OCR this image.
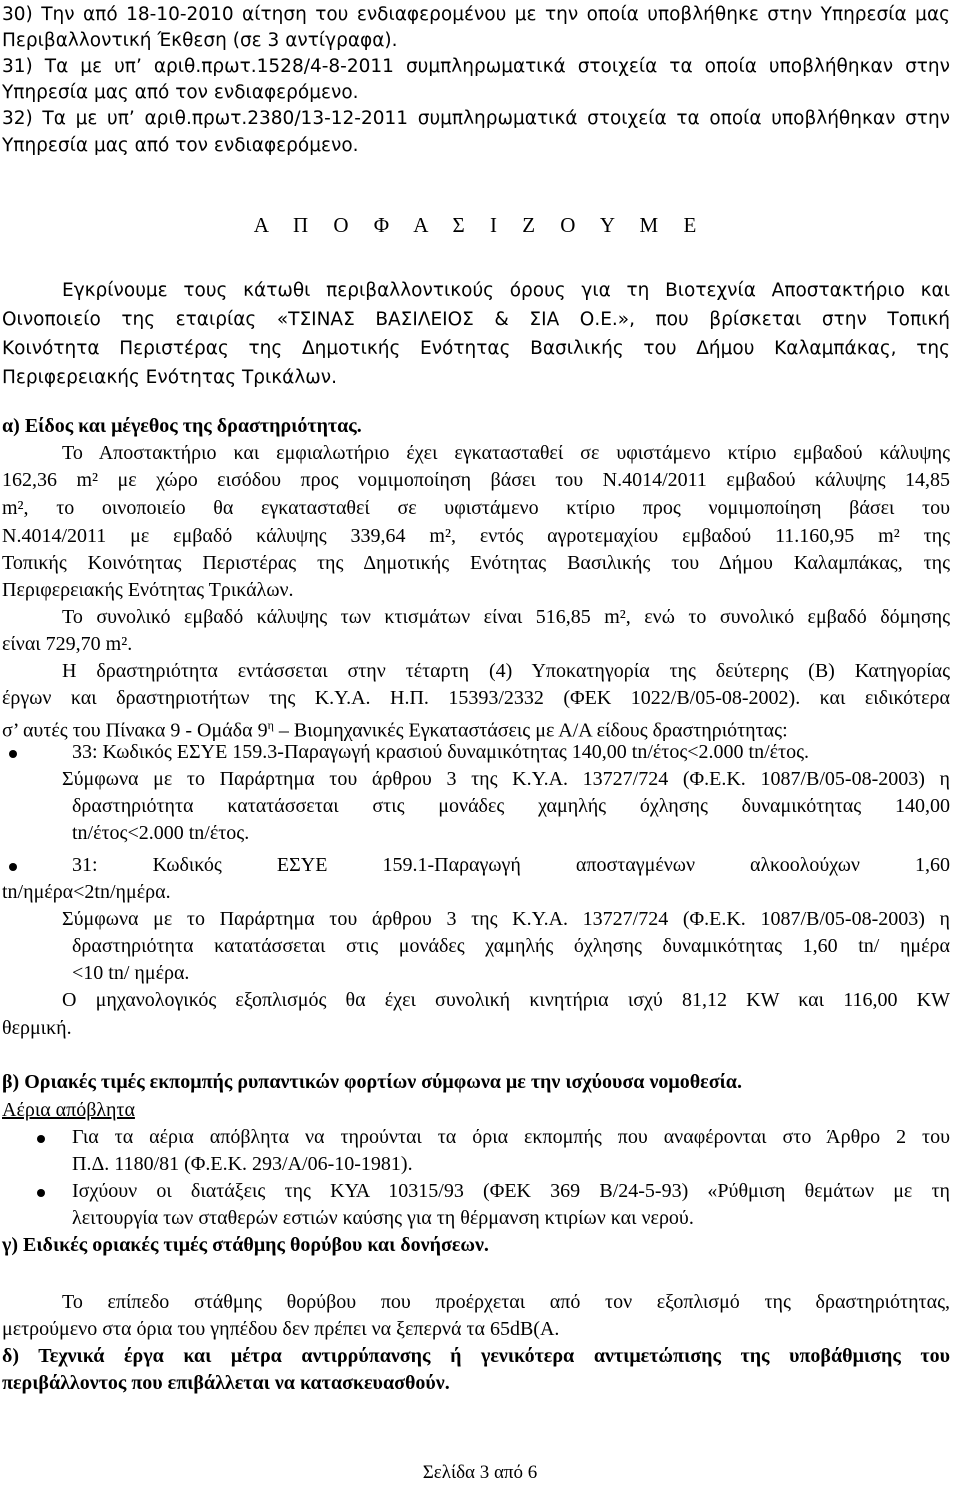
30) Την από 18-10-2010 αίτηση του ενδιαφερομένου με την οποία υποβλήθηκε στην Υπηρεσία μας
Περιβαλλοντική Έκθεση (σε 3 αντίγραφα).
31) Τα με υπ’ αριθ.πρωτ.1528/4-8-2011 συμπληρωματικά στοιχεία τα οποία υποβλήθηκαν στην
Υπηρεσία μας από τον ενδιαφερόμενο.
32) Τα με υπ’ αριθ.πρωτ.2380/13-12-2011 συμπληρωματικά στοιχεία τα οποία υποβλήθηκαν στην
Υπηρεσία μας από τον ενδιαφερόμενο.
Α Π Ο Φ Α Σ Ι Ζ Ο Υ Μ Ε
Εγκρίνουμε τους κάτωθι περιβαλλοντικούς όρους για τη Βιοτεχνία Αποστακτήριο και
Οινοποιείο της εταιρίας «ΤΣΙΝΑΣ ΒΑΣΙΛΕΙΟΣ & ΣΙΑ Ο.Ε.», που βρίσκεται στην Τοπική
Κοινότητα Περιστέρας της Δημοτικής Ενότητας Βασιλικής του Δήμου Καλαμπάκας, της
Περιφερειακής Ενότητας Τρικάλων.
α) Είδος και μέγεθος της δραστηριότητας.
Το Αποστακτήριο και εμφιαλωτήριο έχει εγκατασταθεί σε υφιστάμενο κτίριο εμβαδού κάλυψης
162,36 m² με χώρο εισόδου προς νομιμοποίηση βάσει του Ν.4014/2011 εμβαδού κάλυψης 14,85
m², το οινοποιείο θα εγκατασταθεί σε υφιστάμενο κτίριο προς νομιμοποίηση βάσει του
Ν.4014/2011 με εμβαδό κάλυψης 339,64 m², εντός αγροτεμαχίου εμβαδού 11.160,95 m² της
Τοπικής Κοινότητας Περιστέρας της Δημοτικής Ενότητας Βασιλικής του Δήμου Καλαμπάκας, της
Περιφερειακής Ενότητας Τρικάλων.
Το συνολικό εμβαδό κάλυψης των κτισμάτων είναι 516,85 m², ενώ το συνολικό εμβαδό δόμησης
είναι 729,70 m².
Η δραστηριότητα εντάσσεται στην τέταρτη (4) Υποκατηγορία της δεύτερης (Β) Κατηγορίας
έργων και δραστηριοτήτων της Κ.Υ.Α. Η.Π. 15393/2332 (ΦΕΚ 1022/Β/05-08-2002). και ειδικότερα
σ’ αυτές του Πίνακα 9 - Ομάδα $9^\eta$ – Βιομηχανικές Εγκαταστάσεις με Α/Α είδους δραστηριότητας:
33: Κωδικός ΕΣΥΕ 159.3-Παραγωγή κρασιού δυναμικότητας 140,00 tn/έτος<2.000 tn/έτος.
Σύμφωνα με το Παράρτημα του άρθρου 3 της Κ.Υ.Α. 13727/724 (Φ.Ε.Κ. 1087/Β/05-08-2003) η
δραστηριότητα κατατάσσεται στις μονάδες χαμηλής όχλησης δυναμικότητας 140,00
tn/έτος<2.000 tn/έτος.
31: Κωδικός ΕΣΥΕ 159.1-Παραγωγή αποσταγμένων αλκοολούχων 1,60
tn/ημέρα<2tn/ημέρα.
Σύμφωνα με το Παράρτημα του άρθρου 3 της Κ.Υ.Α. 13727/724 (Φ.Ε.Κ. 1087/Β/05-08-2003) η
δραστηριότητα κατατάσσεται στις μονάδες χαμηλής όχλησης δυναμικότητας 1,60 tn/ ημέρα
<10 tn/ ημέρα.
Ο μηχανολογικός εξοπλισμός θα έχει συνολική κινητήρια ισχύ 81,12 KW και 116,00 KW
θερμική.
β) Οριακές τιμές εκπομπής ρυπαντικών φορτίων σύμφωνα με την ισχύουσα νομοθεσία.
Αέρια απόβλητα
Για τα αέρια απόβλητα να τηρούνται τα όρια εκπομπής που αναφέρονται στο Άρθρο 2 του
Π.Δ. 1180/81 (Φ.Ε.Κ. 293/Α/06-10-1981).
Ισχύουν οι διατάξεις της ΚΥΑ 10315/93 (ΦΕΚ 369 Β/24-5-93) «Ρύθμιση θεμάτων με τη
λειτουργία των σταθερών εστιών καύσης για τη θέρμανση κτιρίων και νερού.
γ) Ειδικές οριακές τιμές στάθμης θορύβου και δονήσεων.
Το επίπεδο στάθμης θορύβου που προέρχεται από τον εξοπλισμό της δραστηριότητας,
μετρούμενο στα όρια του γηπέδου δεν πρέπει να ξεπερνά τα 65dB(A.
δ) Τεχνικά έργα και μέτρα αντιρρύπανσης ή γενικότερα αντιμετώπισης της υποβάθμισης του
περιβάλλοντος που επιβάλλεται να κατασκευασθούν.
Σελίδα 3 από 6
